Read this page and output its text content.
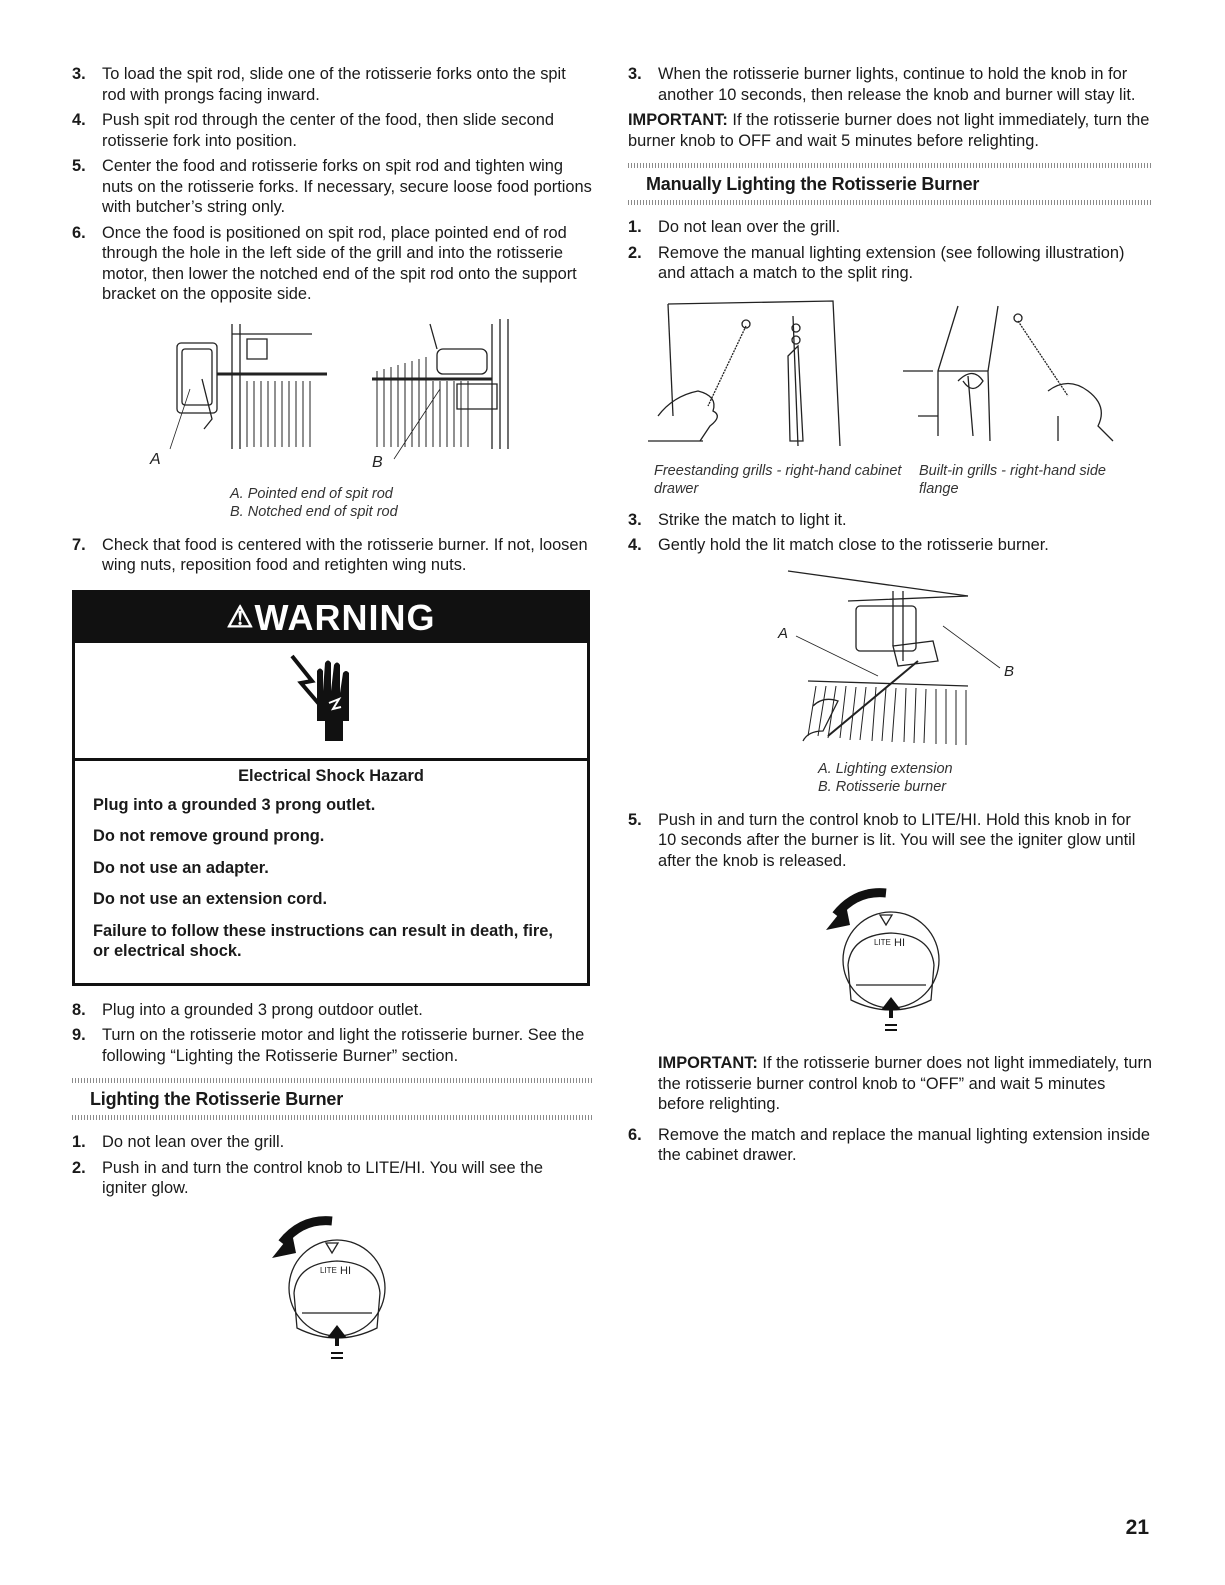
3. To load the spit rod, slide one of the rotisserie forks onto the spit rod with prongs facing inward.
4. Push spit rod through the center of the food, then slide second rotisserie fork into position.
5. Center the food and rotisserie forks on spit rod and tighten wing nuts on the rotisserie forks. If necessary, secure loose food portions with butcher’s string only.
6. Once the food is positioned on spit rod, place pointed end of rod through the hole in the left side of the grill and into the rotisserie motor, then lower the notched end of the spit rod onto the support bracket on the opposite side.
A	B
A. Pointed end of spit rod
B. Notched end of spit rod
7. Check that food is centered with the rotisserie burner. If not, loosen wing nuts, reposition food and retighten wing nuts.
⚠WARNING
Electrical Shock Hazard
Plug into a grounded 3 prong outlet.
Do not remove ground prong.
Do not use an adapter.
Do not use an extension cord.
Failure to follow these instructions can result in death, fire, or electrical shock.
8. Plug into a grounded 3 prong outdoor outlet.
9. Turn on the rotisserie motor and light the rotisserie burner. See the following “Lighting the Rotisserie Burner” section.
Lighting the Rotisserie Burner
1. Do not lean over the grill.
2. Push in and turn the control knob to LITE/HI. You will see the igniter glow.
LITE HI
3. When the rotisserie burner lights, continue to hold the knob in for another 10 seconds, then release the knob and burner will stay lit.

IMPORTANT: If the rotisserie burner does not light immediately, turn the burner knob to OFF and wait 5 minutes before relighting.

Manually Lighting the Rotisserie Burner
1. Do not lean over the grill.
2. Remove the manual lighting extension (see following illustration) and attach a match to the split ring.
Freestanding grills - right-hand cabinet drawer
Built-in grills - right-hand side flange
3. Strike the match to light it.
4. Gently hold the lit match close to the rotisserie burner.
A
B
A. Lighting extension
B. Rotisserie burner
5. Push in and turn the control knob to LITE/HI. Hold this knob in for 10 seconds after the burner is lit. You will see the igniter glow until after the knob is released.
LITE HI

IMPORTANT: If the rotisserie burner does not light immediately, turn the rotisserie burner control knob to “OFF” and wait 5 minutes before relighting.

6. Remove the match and replace the manual lighting extension inside the cabinet drawer.
21
